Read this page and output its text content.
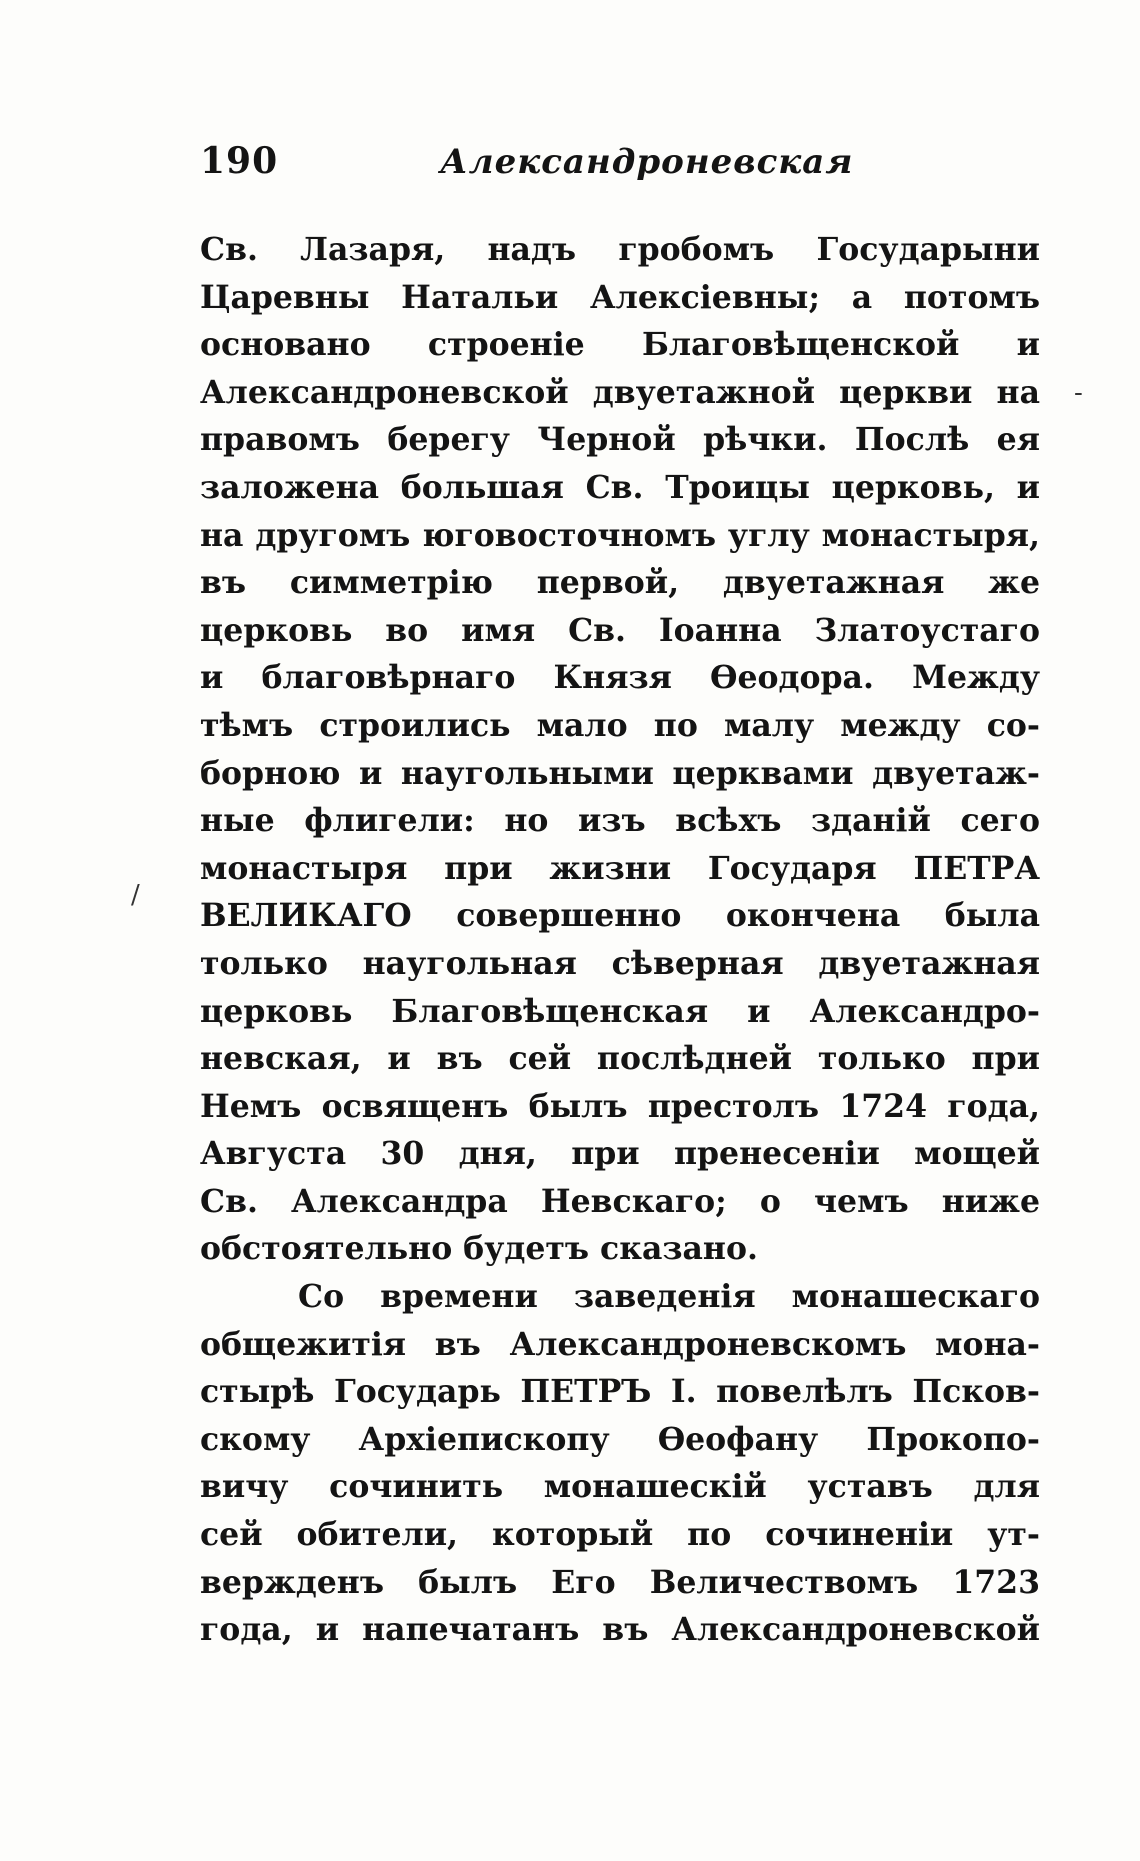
190	Александроневская
Св. Лазаря, надъ гробомъ Государыни
Царевны Натальи Алексiевны; а потомъ
основано строенiе Благовѣщенской и
Александроневской двуетажной церкви на
правомъ берегу Черной рѣчки. Послѣ ея
заложена большая Св. Троицы церковь, и
на другомъ юговосточномъ углу монастыря,
въ симметрiю первой, двуетажная же
церковь во имя Св. Iоанна Златоустаго
и благовѣрнаго Князя Өеодора. Между
тѣмъ строились мало по малу между со-
борною и наугольными церквами двуетаж-
ные флигели: но изъ всѣхъ зданiй сего
монастыря при жизни Государя ПЕТРА
ВЕЛИКАГО совершенно окончена была
только наугольная сѣверная двуетажная
церковь Благовѣщенская и Александро-
невская, и въ сей послѣдней только при
Немъ освященъ былъ престолъ 1724 года,
Августа 30 дня, при пренесенiи мощей
Св. Александра Невскаго; о чемъ ниже
обстоятельно будетъ сказано.
Со времени заведенiя монашескаго
общежитiя въ Александроневскомъ мона-
стырѣ Государь ПЕТРЪ I. повелѣлъ Псков-
скому Архiепископу Өеофану Прокопо-
вичу сочинить монашескiй уставъ для
сей обители, который по сочиненiи ут-
вержденъ былъ Его Величествомъ 1723
года, и напечатанъ въ Александроневской
-
/
